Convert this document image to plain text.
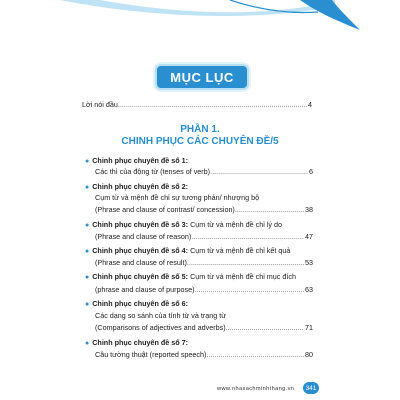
MỤC LỤC
Lời nói đầu .....	4
PHẦN 1.
CHINH PHỤC CÁC CHUYÊN ĐỀ/5
● Chinh phục chuyên đề số 1:
Các thì của động từ (tenses of verb) .....	6
● Chinh phục chuyên đề số 2:
Cụm từ và mệnh đề chỉ sự tương phản/ nhượng bộ
(Phrase and clause of contrast/ concession) .....	38
● Chinh phục chuyên đề số 3: Cụm từ và mệnh đề chỉ lý do
(Phrase and clause of reason) .....	47
● Chinh phục chuyên đề số 4: Cụm từ và mệnh đề chỉ kết quả
(Phrase and clause of result) .....	53
● Chinh phục chuyên đề số 5: Cụm từ và mệnh đề chỉ mục đích
(phrase and clause of purpose) .....	63
● Chinh phục chuyên đề số 6:
Các dạng so sánh của tính từ và trạng từ
(Comparisons of adjectives and adverbs) .....	71
● Chinh phục chuyên đề số 7:
Câu tường thuật (reported speech) .....	80
www.nhasachminhthang.vn	341
